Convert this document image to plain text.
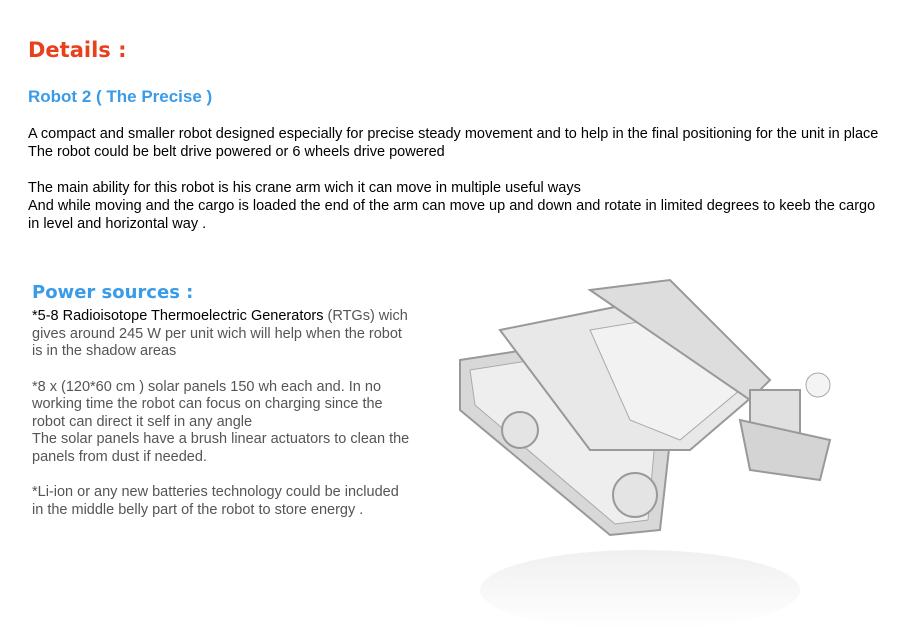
Details :
Robot 2 ( The Precise )

A compact and smaller robot designed especially for precise steady movement and to help in the final positioning for the unit in place

The robot could be belt drive powered or 6 wheels drive powered

The main ability for this robot is his crane arm wich it can move in multiple useful ways

And while moving and the cargo is loaded the end of the arm can move up and down and rotate in limited degrees to keeb the cargo in level and horizontal way .

Power sources :

*5-8 Radioisotope Thermoelectric Generators (RTGs) wich gives around 245 W per unit wich will help when the robot is in the shadow areas

*8 x (120*60 cm ) solar panels 150 wh each and. In no working time the robot can focus on charging since the robot can direct it self in any angle

The solar panels have a brush linear actuators to clean the panels from dust if needed.

*Li-ion or any new batteries technology could be included in the middle belly part of the robot to store energy .
